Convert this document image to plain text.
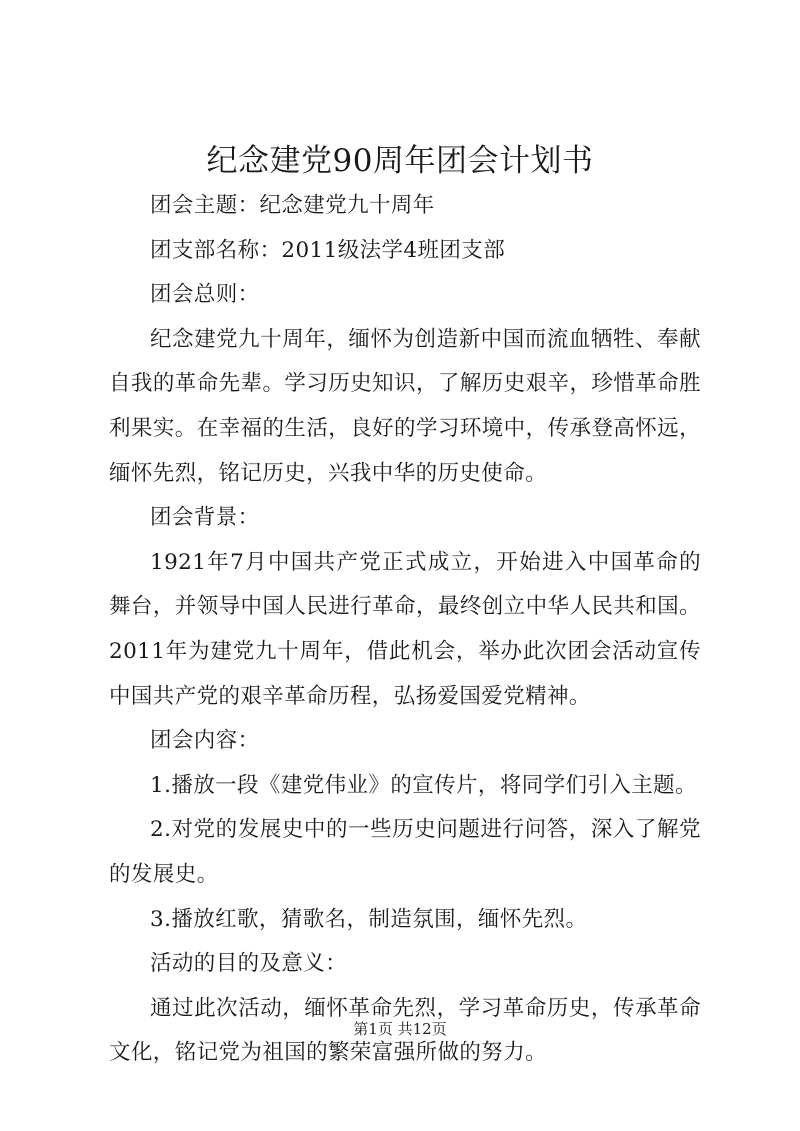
纪念建党90周年团会计划书

团会主题：纪念建党九十周年

团支部名称：2011级法学4班团支部

团会总则：

纪念建党九十周年，缅怀为创造新中国而流血牺牲、奉献自我的革命先辈。学习历史知识，了解历史艰辛，珍惜革命胜利果实。在幸福的生活，良好的学习环境中，传承登高怀远，缅怀先烈，铭记历史，兴我中华的历史使命。

团会背景：

1921年7月中国共产党正式成立，开始进入中国革命的舞台，并领导中国人民进行革命，最终创立中华人民共和国。2011年为建党九十周年，借此机会，举办此次团会活动宣传中国共产党的艰辛革命历程，弘扬爱国爱党精神。

团会内容：

1.播放一段《建党伟业》的宣传片，将同学们引入主题。

2.对党的发展史中的一些历史问题进行问答，深入了解党的发展史。

3.播放红歌，猜歌名，制造氛围，缅怀先烈。

活动的目的及意义：

通过此次活动，缅怀革命先烈，学习革命历史，传承革命文化，铭记党为祖国的繁荣富强所做的努力。

第1页 共12页
